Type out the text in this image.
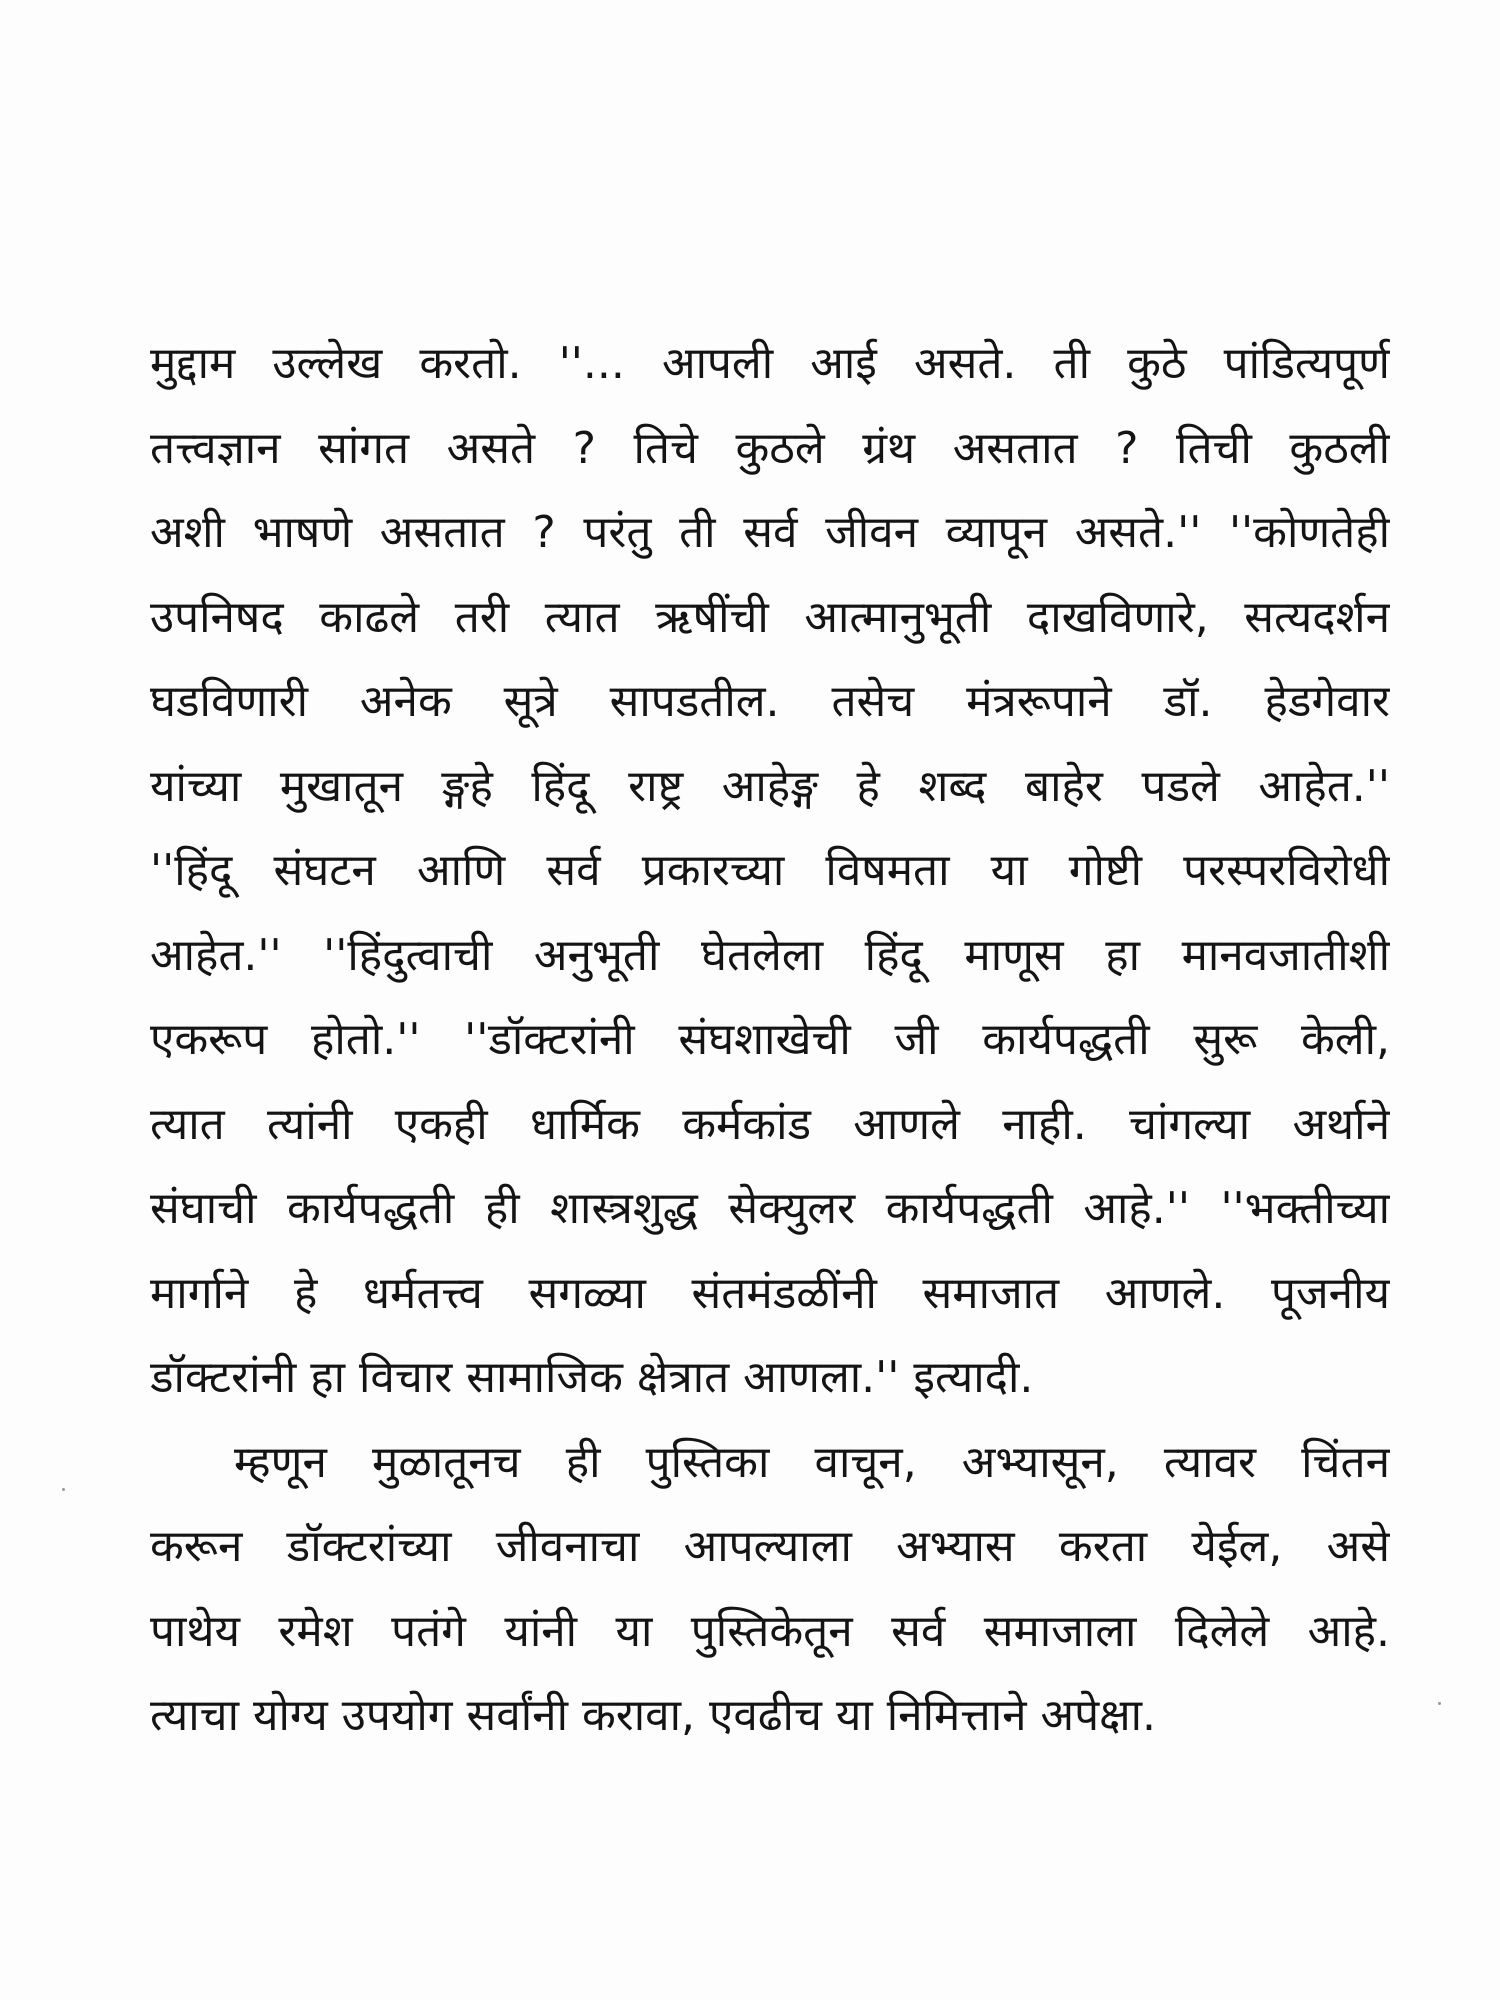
मुद्दाम उल्लेख करतो. ''... आपली आई असते. ती कुठे पांडित्यपूर्ण
तत्त्वज्ञान सांगत असते ? तिचे कुठले ग्रंथ असतात ? तिची कुठली
अशी भाषणे असतात ? परंतु ती सर्व जीवन व्यापून असते.'' ''कोणतेही
उपनिषद काढले तरी त्यात ऋषींची आत्मानुभूती दाखविणारे, सत्यदर्शन
घडविणारी अनेक सूत्रे सापडतील. तसेच मंत्ररूपाने डॉ. हेडगेवार
यांच्या मुखातून ङ्गहे हिंदू राष्ट्र आहेङ्ग हे शब्द बाहेर पडले आहेत.''
''हिंदू संघटन आणि सर्व प्रकारच्या विषमता या गोष्टी परस्परविरोधी
आहेत.'' ''हिंदुत्वाची अनुभूती घेतलेला हिंदू माणूस हा मानवजातीशी
एकरूप होतो.'' ''डॉक्टरांनी संघशाखेची जी कार्यपद्धती सुरू केली,
त्यात त्यांनी एकही धार्मिक कर्मकांड आणले नाही. चांगल्या अर्थाने
संघाची कार्यपद्धती ही शास्त्रशुद्ध सेक्युलर कार्यपद्धती आहे.'' ''भक्तीच्या
मार्गाने हे धर्मतत्त्व सगळ्या संतमंडळींनी समाजात आणले. पूजनीय
डॉक्टरांनी हा विचार सामाजिक क्षेत्रात आणला.'' इत्यादी.
म्हणून मुळातूनच ही पुस्तिका वाचून, अभ्यासून, त्यावर चिंतन
करून डॉक्टरांच्या जीवनाचा आपल्याला अभ्यास करता येईल, असे
पाथेय रमेश पतंगे यांनी या पुस्तिकेतून सर्व समाजाला दिलेले आहे.
त्याचा योग्य उपयोग सर्वांनी करावा, एवढीच या निमित्ताने अपेक्षा.
